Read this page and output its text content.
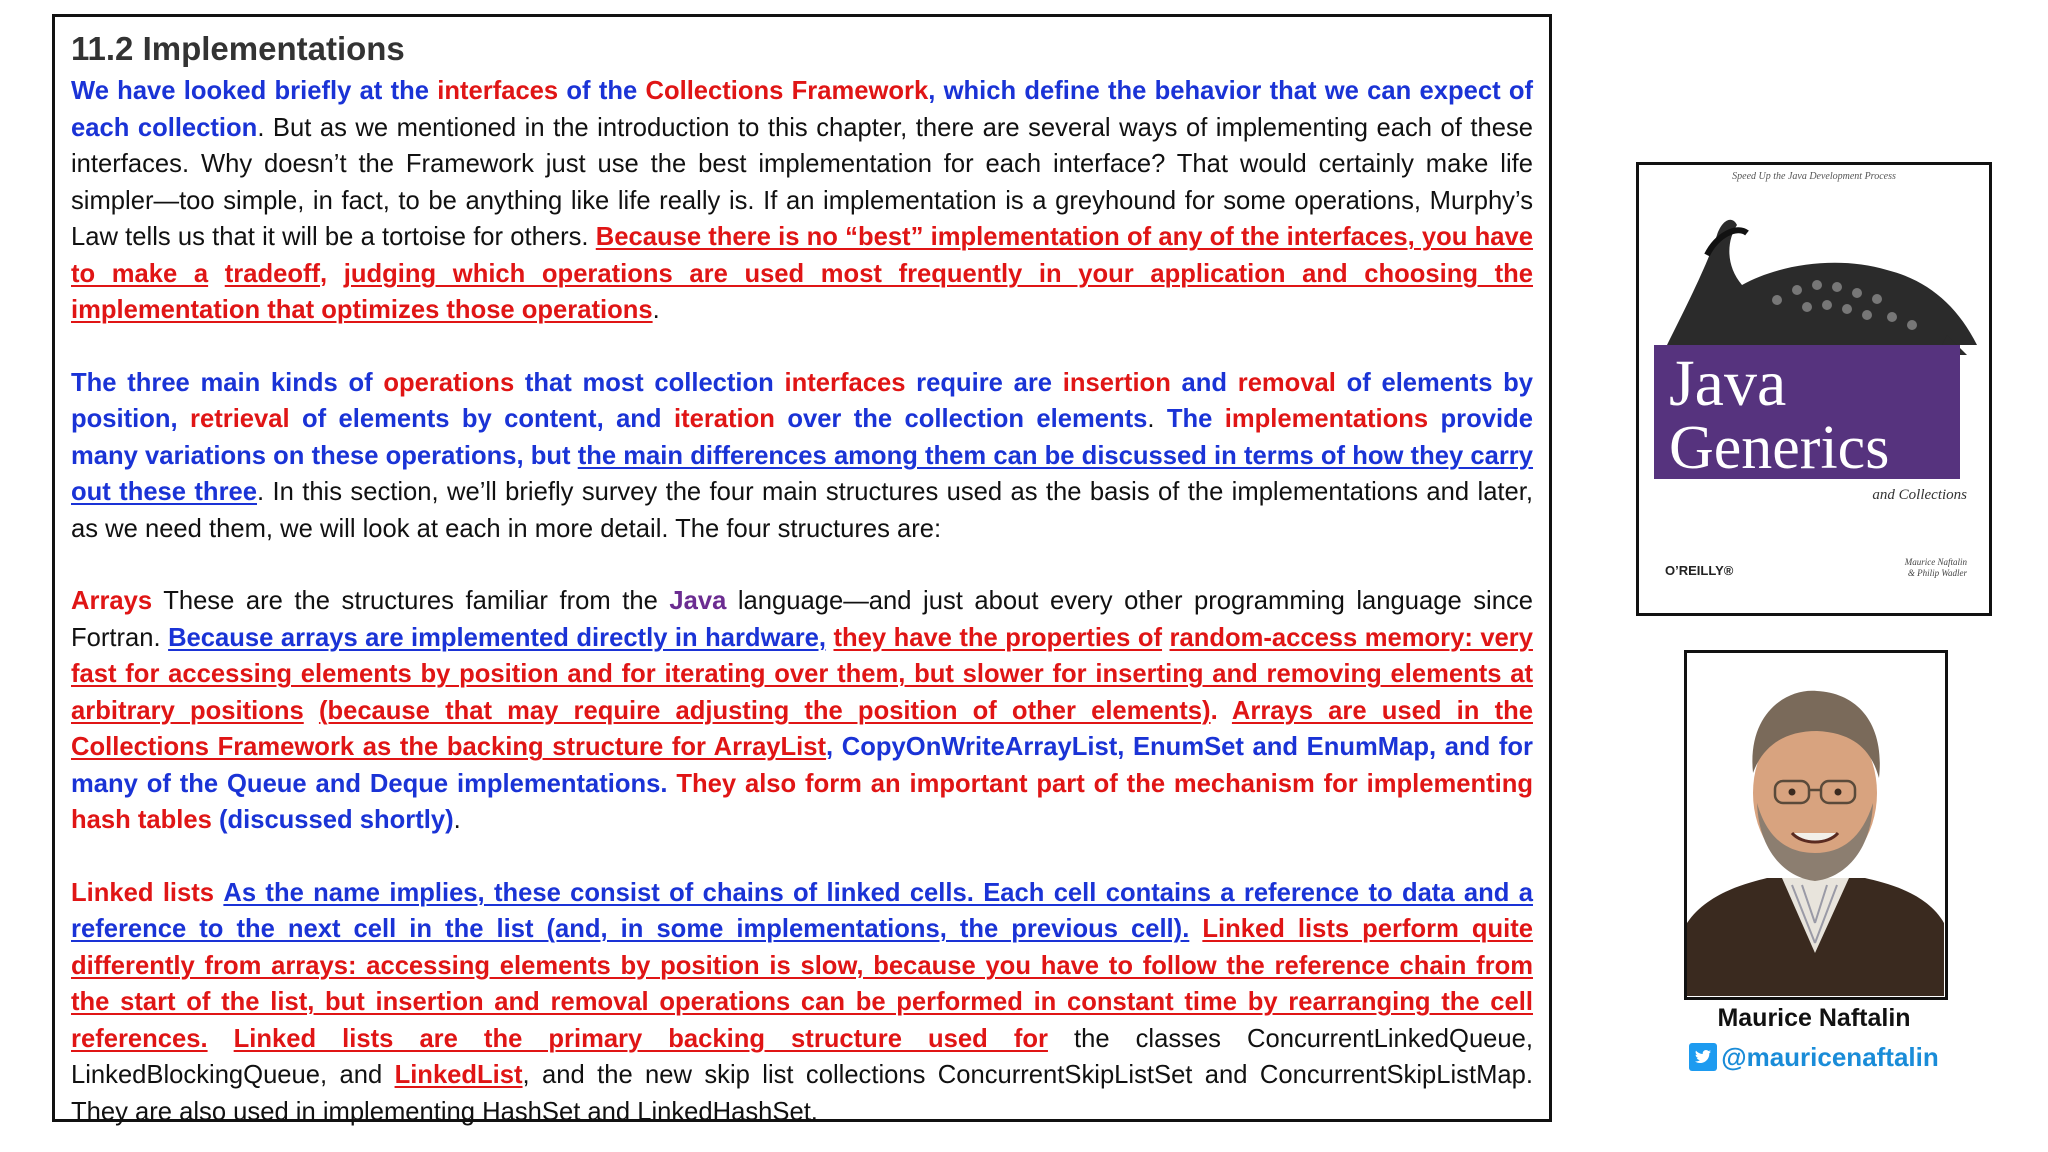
11.2 Implementations

We have looked briefly at the interfaces of the Collections Framework, which define the behavior that we can expect of each collection. But as we mentioned in the introduction to this chapter, there are several ways of implementing each of these interfaces. Why doesn’t the Framework just use the best implementation for each interface? That would certainly make life simpler—too simple, in fact, to be anything like life really is. If an implementation is a greyhound for some operations, Murphy’s Law tells us that it will be a tortoise for others. Because there is no “best” implementation of any of the interfaces, you have to make a tradeoff, judging which operations are used most frequently in your application and choosing the implementation that optimizes those operations.

The three main kinds of operations that most collection interfaces require are insertion and removal of elements by position, retrieval of elements by content, and iteration over the collection elements. The implementations provide many variations on these operations, but the main differences among them can be discussed in terms of how they carry out these three. In this section, we’ll briefly survey the four main structures used as the basis of the implementations and later, as we need them, we will look at each in more detail. The four structures are:

Arrays These are the structures familiar from the Java language—and just about every other programming language since Fortran. Because arrays are implemented directly in hardware, they have the properties of random-access memory: very fast for accessing elements by position and for iterating over them, but slower for inserting and removing elements at arbitrary positions (because that may require adjusting the position of other elements). Arrays are used in the Collections Framework as the backing structure for ArrayList, CopyOnWriteArrayList, EnumSet and EnumMap, and for many of the Queue and Deque implementations. They also form an important part of the mechanism for implementing hash tables (discussed shortly).

Linked lists As the name implies, these consist of chains of linked cells. Each cell contains a reference to data and a reference to the next cell in the list (and, in some implementations, the previous cell). Linked lists perform quite differently from arrays: accessing elements by position is slow, because you have to follow the reference chain from the start of the list, but insertion and removal operations can be performed in constant time by rearranging the cell references. Linked lists are the primary backing structure used for the classes ConcurrentLinkedQueue, LinkedBlockingQueue, and LinkedList, and the new skip list collections ConcurrentSkipListSet and ConcurrentSkipListMap. They are also used in implementing HashSet and LinkedHashSet.

Speed Up the Java Development Process
Java
Generics
and Collections
O’REILLY®
Maurice Naftalin
& Philip Wadler
Maurice Naftalin
@mauricenaftalin
